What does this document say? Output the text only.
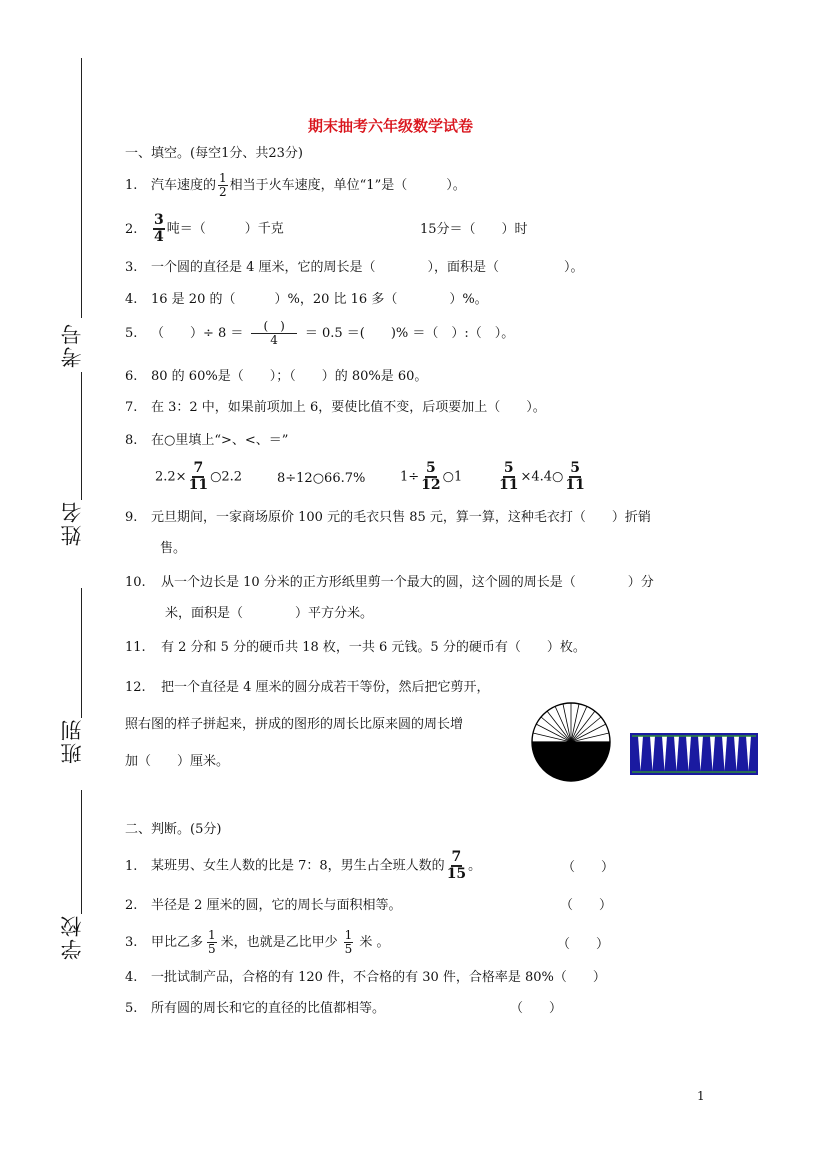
考号
姓名
班别
学校
期末抽考六年级数学试卷
一、填空。(每空1分、共23分)
1. 汽车速度的 $\frac{1}{2}$ 相当于火车速度，单位“1”是（　　　）。
2. $\frac{3}{4}$ 吨＝（　　　）千克	15分＝（　　）时
3. 一个圆的直径是 4 厘米，它的周长是（　　　　），面积是（　　　　　）。
4. 16 是 20 的（　　　）%，20 比 16 多（　　　　）%。
5. （　　）÷ $8 = \frac{( )}{4} = 0.5$ ＝(　　)% ＝（　）:（　）。
6. 80 的 60%是（　　）；（　　）的 80%是 60。
7. 在 3：2 中，如果前项加上 6，要使比值不变，后项要加上（　　）。
8. 在○里填上“>、<、＝”
$2.2\times \frac{7}{11}$ ○2.2	8÷12○66.7%	$1\div \frac{5}{12}$ ○1	$\frac{5}{11}$ ×4.4○ $\frac{5}{11}$
9. 元旦期间，一家商场原价 100 元的毛衣只售 85 元，算一算，这种毛衣打（　　）折销
售。
10. 从一个边长是 10 分米的正方形纸里剪一个最大的圆，这个圆的周长是（　　　　）分
米，面积是（　　　　）平方分米。
11. 有 2 分和 5 分的硬币共 18 枚，一共 6 元钱。5 分的硬币有（　　）枚。
12. 把一个直径是 4 厘米的圆分成若干等份，然后把它剪开，
照右图的样子拼起来，拼成的图形的周长比原来圆的周长增
加（　　）厘米。
二、判断。(5分)
1. 某班男、女生人数的比是 7：8，男生占全班人数的 $\frac{7}{15}$ 。	（　　）
2. 半径是 2 厘米的圆，它的周长与面积相等。	（　　）
3. 甲比乙多 $\frac{1}{5}$ 米，也就是乙比甲少 $\frac{1}{5}$ 米 。	（　　）
4. 一批试制产品，合格的有 120 件，不合格的有 30 件，合格率是 80%（　　）
5. 所有圆的周长和它的直径的比值都相等。	（　　）
1
